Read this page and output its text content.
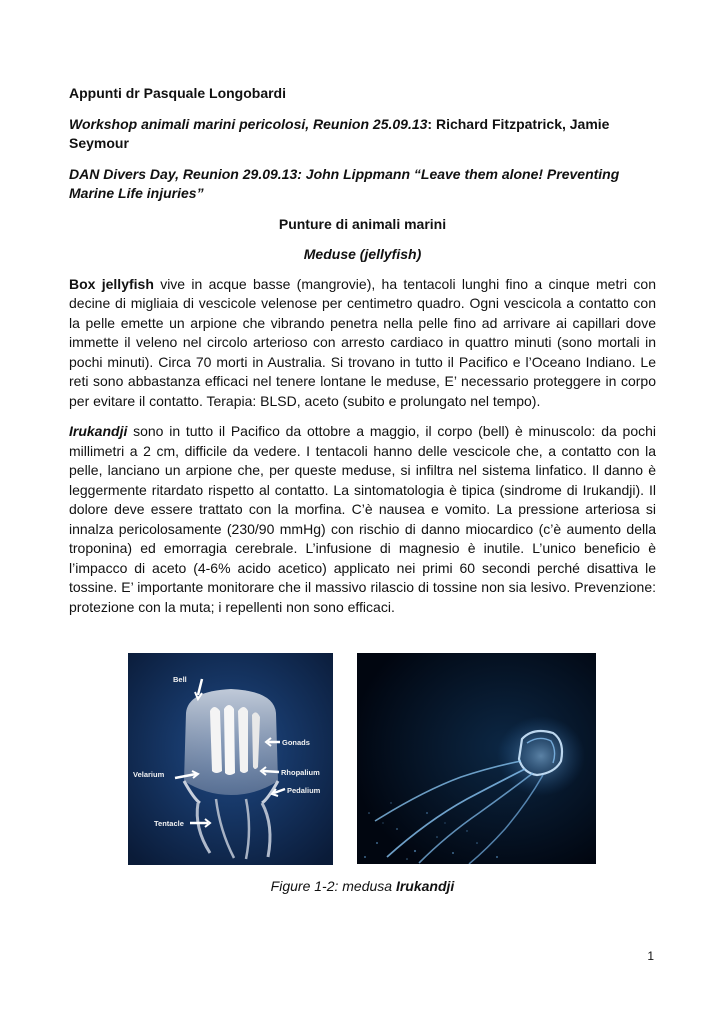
Appunti dr Pasquale Longobardi

Workshop animali marini pericolosi, Reunion 25.09.13: Richard Fitzpatrick, Jamie Seymour

DAN Divers Day, Reunion 29.09.13: John Lippmann “Leave them alone! Preventing Marine Life injuries”

Punture di animali marini

Meduse (jellyfish)

Box jellyfish vive in acque basse (mangrovie), ha tentacoli lunghi fino a cinque metri con decine di migliaia di vescicole velenose per centimetro quadro. Ogni vescicola a contatto con la pelle emette un arpione che vibrando penetra nella pelle fino ad arrivare ai capillari dove immette il veleno nel circolo arterioso con arresto cardiaco in quattro minuti (sono mortali in pochi minuti). Circa 70 morti in Australia. Si trovano in tutto il Pacifico e l’Oceano Indiano. Le reti sono abbastanza efficaci nel tenere lontane le meduse, E’ necessario proteggere in corpo per evitare il contatto. Terapia: BLSD, aceto (subito e prolungato nel tempo).

Irukandji sono in tutto il Pacifico da ottobre a maggio, il corpo (bell) è minuscolo: da pochi millimetri a 2 cm, difficile da vedere. I tentacoli hanno delle vescicole che, a contatto con la pelle, lanciano un arpione che, per queste meduse, si infiltra nel sistema linfatico. Il danno è leggermente ritardato rispetto al contatto. La sintomatologia è tipica (sindrome di Irukandji). Il dolore deve essere trattato con la morfina. C’è nausea e vomito. La pressione arteriosa si innalza pericolosamente (230/90 mmHg) con rischio di danno miocardico (c’è aumento della troponina) ed emorragia cerebrale. L’infusione di magnesio è inutile. L’unico beneficio è l’impacco di aceto (4-6% acido acetico) applicato nei primi 60 secondi perché disattiva le tossine. E’ importante monitorare che il massivo rilascio di tossine non sia lesivo. Prevenzione: protezione con la muta; i repellenti non sono efficaci.

Bell
Gonads
Velarium	Rhopalium
Pedalium
Tentacle

Figure 1-2: medusa Irukandji

1
